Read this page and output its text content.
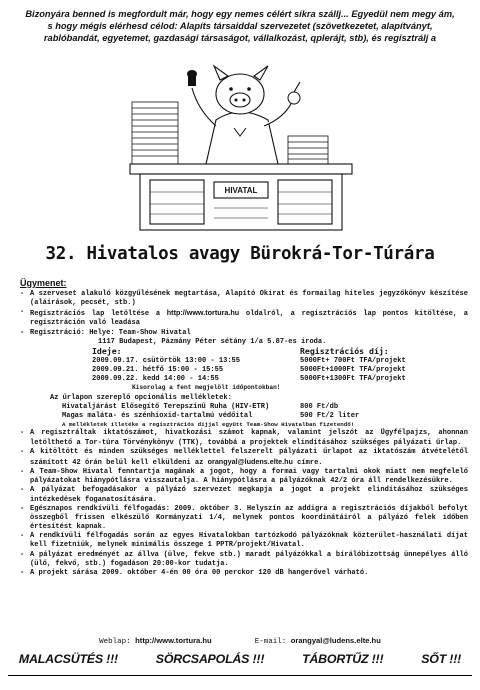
Bizonyára benned is megfordult már, hogy egy nemes célért síkra szállj... Egyedül nem megy ám,
s hogy mégis elérhesd célod: Alapíts társaiddal szervezetet (szövetkezetet, alapítványt,
rablóbandát, egyetemet, gazdasági társaságot, vállalkozást, qplerájt, stb), és regisztrálj a
HIVATAL
32. Hivatalos avagy Bürokrá-Tor-Túrára
Ügymenet:
- A szerveset alakuló közgyűlésének megtartása, Alapító Okirat és formailag hiteles jegyzőkönyv készítése (aláírások, pecsét, stb.)
- Regisztrációs lap letöltése a http://www.tortura.hu oldalról, a regisztrációs lap pontos kitöltése, a regisztráción való leadása
- Regisztráció: Helye: Team-Show Hivatal
1117 Budapest, Pázmány Péter sétány 1/a 5.87-es iroda.
Ideje:	Regisztrációs díj:
2009.09.17. csütörtök 13:00 - 13:55	5000Ft+ 700Ft TFA/projekt
2009.09.21. hétfő 15:00 - 15:55	5000Ft+1000Ft TFA/projekt
2009.09.22. kedd 14:00 - 14:55	5000Ft+1300Ft TFA/projekt
Kisorolag a fent megjelölt időpontokban!
Az űrlapon szereplő opcionális mellékletek:
Hivataljárást Elősegítő Terepszínű Ruha (HIV-ETR)	800 Ft/db
Magas maláta- és szénhioxid-tartalmú védőital	500 Ft/2 liter
A mellékletek illetéke a regisztrációs díjjal együtt Team-Show Hivatalban fizetendő!
- A regisztráltak iktatószámot, hivatkozási számot kapnak, valamint jelszót az Ügyfélpajzs, ahonnan letölthető a Tor-túra Törvénykönyv (TTK), továbbá a projektek elindításához szükséges pályázati űrlap.
- A kitöltött és minden szükséges melléklettel felszerelt pályázati űrlapot az iktatószám átvételétől számított 42 órán belül kell elküldeni az orangyal@ludens.elte.hu címre.
- A Team-Show Hivatal fenntartja magának a jogot, hogy a formai vagy tartalmi okok miatt nem megfelelő pályázatokat hiánypótlásra visszautalja. A hiánypótlásra a pályázóknak 42/2 óra áll rendelkezésükre.
- A pályázat befogadásakor a pályázó szervezet megkapja a jogot a projekt elindításához szükséges intézkedések foganatosítására.
- Egésznapos rendkívüli félfogadás: 2009. október 3. Helyszín az addigra a regisztrációs díjakból befolyt összegből frissen elkészülő Kormányzati 1/4, melynek pontos koordinátáiról a pályázó felek időben értesítést kapnak.
- A rendkívüli félfogadás során az egyes Hivatalokban tartózkodó pályázóknak közterület-használati díjat kell fizetniük, melynek minimális összege 1 PPTR/projekt/Hivatal.
- A pályázat eredményét az állva (ülve, fekve stb.) maradt pályázókkal a bírálóbizottság ünnepélyes álló (ülő, fekvő, stb.) fogadáson 20:00-kor tudatja.
- A projekt sárása 2009. október 4-én 00 óra 00 perckor 120 dB hangerővel várható.
Weblap: http://www.tortura.hu	E-mail: orangyal@ludens.elte.hu
MALACSÜTÉS !!!	SÖRCSAPOLÁS !!!	TÁBORTŰZ !!!	SŐT !!!
